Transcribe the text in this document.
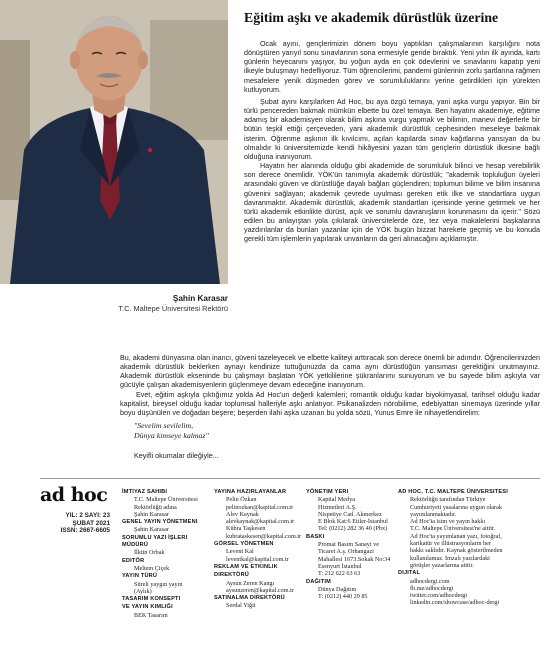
Şahin Karasar
T.C. Maltepe Üniversitesi Rektörü
Eğitim aşkı ve akademik dürüstlük üzerine

Ocak ayını, gençlerimizin dönem boyu yaptıkları çalışmalarının karşılığını nota dönüştüren yarıyıl sonu sınavlarının sona ermesiyle geride bıraktık. Yeni yılın ilk ayında, kartı günlerin heyecanını yaşıyor, bu yoğun ayda en çok ödevlerini ve sınavlarını kapatıp yeni ilkeyle buluşmayı hedefliyoruz. Tüm öğrencilerimi, pandemi günlerinin zorlu şartlarına rağmen mesafelere yenik düşmeden görev ve sorumluluklarını yerine getirdikleri için yürekten kutluyorum.

Şubat ayını karşılarken Ad Hoc, bu aya özgü temaya, yani aşka vurgu yapıyor. Bin bir türlü pencereden bakmak mümkün elbette bu özel temaya. Ben hayatını akademiye, eğitime adamış bir akademisyen olarak bilim aşkına vurgu yapmak ve bilimin, manevi değerlerle bir bütün teşkil ettiği çerçeveden, yani akademik dürüstlük cephesinden meseleye bakmak isterim. Öğrenme aşkının ilk kıvılcımı, açılan kapılarda sınav kağıtlarına yansıyan da bu olmalıdır ki üniversitemizde kendi hikâyesini yazan tüm gençlerin dürüstlük ilkesine bağlı olduğuna inanıyorum.

Hayatın her alanında olduğu gibi akademide de sorumluluk bilinci ve hesap verebilirlik son derece önemlidir. YÖK'ün tanımıyla akademik dürüstlük; "akademik topluluğun üyeleri arasındaki güven ve dürüstlüğe dayalı bağları güçlendiren; toplumun bilime ve bilim insanına güvenini sağlayan; akademik çevrede uyulması gereken etik ilke ve standartlara uygun davranmaktır. Akademik dürüstlük, akademik standartları içerisinde yerine getirmek ve her türlü akademik etkinlikte dürüst, açık ve sorumlu davranışların korunmasını da içerir." Sözü edilen bu anlayıştan yola çıkılarak üniversitelerde öze, tez veya makalelerini başkalarına yazdırılanlar da bunları yazanlar için de YÖK bugün bizzat harekete geçmiş ve bu konuda gerekli tüm işlemlerin yapılarak unvanların da geri alınacağını açıklamıştır.

Bu, akademi dünyasına olan inancı, güveni tazeleyecek ve elbette kaliteyi arttıracak son derece önemli bir adımdır. Öğrencilerinizden akademik dürüstlük beklerken aynayı kendinize tuttuğunuzda da cama aynı dürüstlüğün yansıması gerektiğini unutmayınız. Akademik dürüstlük ekseninde bu çalışmayı başlatan YÖK yetkililerine şükranlarımı sunuyorum ve bu sayede bilim aşkıyla var gücüyle çalışan akademisyenlerin güçlenmeye devam edeceğine inanıyorum.

Evet, eğitim aşkıyla çıktığımız yolda Ad Hoc'un değerli kalemleri; romantik olduğu kadar biyokimyasal, tarihsel olduğu kadar kapitalist, bireysel olduğu kadar toplumsal halleriyle aşkı anlatıyor. Psikanalizden nörobilime, edebiyattan sinemaya üzerinde yıllar boyu düşünülen ve doğadan beşere; beşerden ilahi aşka uzanan bu yolda sözü, Yunus Emre ile nihayetlendirelim:

"Sevelim sevilelim,
Dünya kimseye kalmaz"
Keyifli okumalar dileğiyle...
ad hoc
YIL: 2 SAYI: 23
ŞUBAT 2021
ISSN: 2667-6605
İMTIYAZ SAHIBI
T.C. Maltepe Üniversitesi
Rektörlüğü adına
Şahin Karasar
GENEL YAYIN YÖNETMENI
Şahin Karasar
SORUMLU YAZI İŞLERI MÜDÜRÜ
İlktin Orbak
EDITÖR
Meltem Çiçek
YAYIN TÜRÜ
Süreli yaygın yayın
(Aylık)
TASARIM KONSEPTI
VE YAYIN KIMLIĞI
BEK Tasarım
YAYINA HAZIRLAYANLAR
Pelin Özkan
pelinozkan@kapital.com.tr
Alev Kaynak
alevkaynak@kapital.com.tr
Kübra Taşkesen
kubrataskesen@kapital.com.tr
GÖRSEL YÖNETMEN
Levent Kal
leventkal@kapital.com.tr
REKLAM VE ETKINLIK
DIREKTÖRÜ
Aysun Zeren Kangı
aysunzeren@kapital.com.tr
SATINALMA DIREKTÖRÜ
Serdal Yiğit
YÖNETIM YERI
Kapital Medya
Hizmetleri A.Ş.
Nispetiye Cad. Akmerkez
E Blok Kat:6 Etiler-İstanbul
Tel: (0212) 282 36 40 (Pbx)
BASKI
Promat Basım Sanayi ve
Ticaret A.ş. Orhangazi
Mahallesi 1673.Sokak No:34
Esenyurt İstanbul
T: 212 622 63 63
DAĞITIM
Dünya Dağıtım
T: (0212) 440 29 85
AD HOC, T.C. MALTEPE ÜNIVERSITESI
Rektörlüğü tarafından Türkiye
Cumhuriyeti yasalarına uygun olarak
yayımlanmaktadır.
Ad Hoc'ta isim ve yayın hakkı
T.C. Maltepe Üniversitesi'ne aittir.
Ad Hoc'ta yayımlanan yazı, fotoğraf,
karikatür ve illüstrasyonların her
hakkı saklıdır. Kaynak gösterilmeden
kullanılamaz. İmzalı yazılardaki
görüşler yazarlarına aittir.
DIJITAL
adhocdergi.com
fb.me/adhocdergi
twitter.com/adhocdergi
linkedin.com/showcase/adhoc-dergi
